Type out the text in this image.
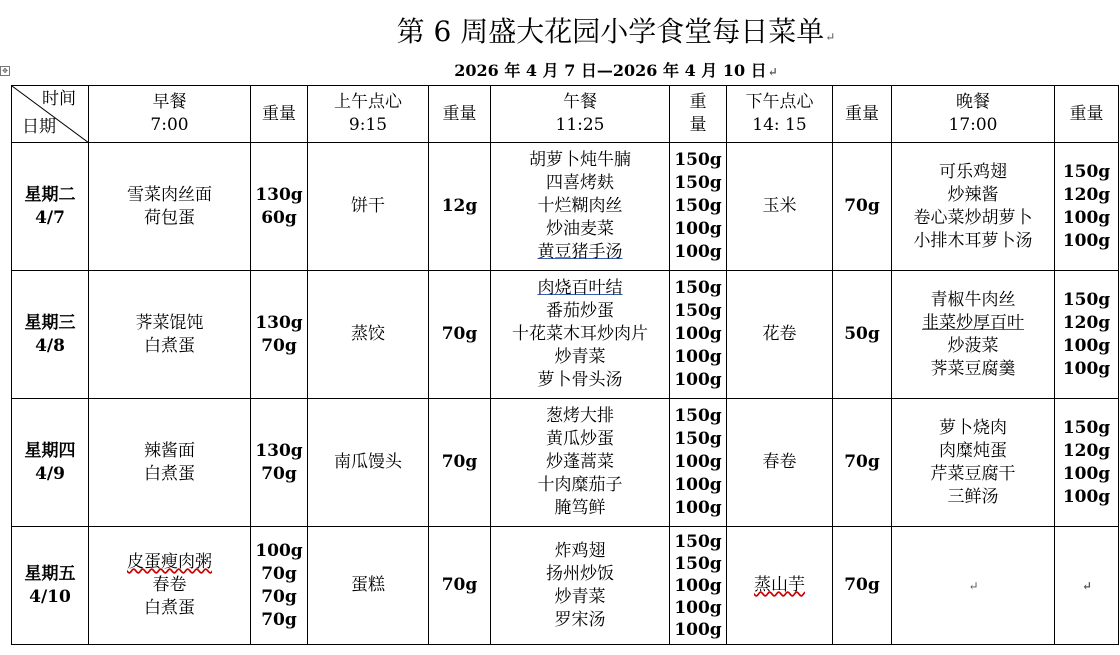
第 6 周盛大花园小学食堂每日菜单↵
2026 年 4 月 7 日—2026 年 4 月 10 日↵
✥
时间
日期	早餐
7:00	重量	上午点心
9:15	重量	午餐
11:25	重
量	下午点心
14: 15	重量	晚餐
17:00	重量

星期二
4/7	雪菜肉丝面
荷包蛋	130g
60g	饼干	12g	胡萝卜炖牛腩
四喜烤麸
十烂糊肉丝
炒油麦菜
黄豆猪手汤	150g
150g
150g
100g
100g	玉米	70g	可乐鸡翅
炒辣酱
卷心菜炒胡萝卜
小排木耳萝卜汤	150g
120g
100g
100g

星期三
4/8	荠菜馄饨
白煮蛋	130g
70g	蒸饺	70g	肉烧百叶结
番茄炒蛋
十花菜木耳炒肉片
炒青菜
萝卜骨头汤	150g
150g
100g
100g
100g	花卷	50g	青椒牛肉丝
韭菜炒厚百叶
炒菠菜
荠菜豆腐羹	150g
120g
100g
100g

星期四
4/9	辣酱面
白煮蛋	130g
70g	南瓜馒头	70g	葱烤大排
黄瓜炒蛋
炒蓬蒿菜
十肉糜茄子
腌笃鲜	150g
150g
100g
100g
100g	春卷	70g	萝卜烧肉
肉糜炖蛋
芹菜豆腐干
三鲜汤	150g
120g
100g
100g

星期五
4/10	皮蛋瘦肉粥
春卷
白煮蛋	100g
70g
70g
70g	蛋糕	70g	炸鸡翅
扬州炒饭
炒青菜
罗宋汤	150g
150g
100g
100g
100g	蒸山芋	70g	↵	↵
